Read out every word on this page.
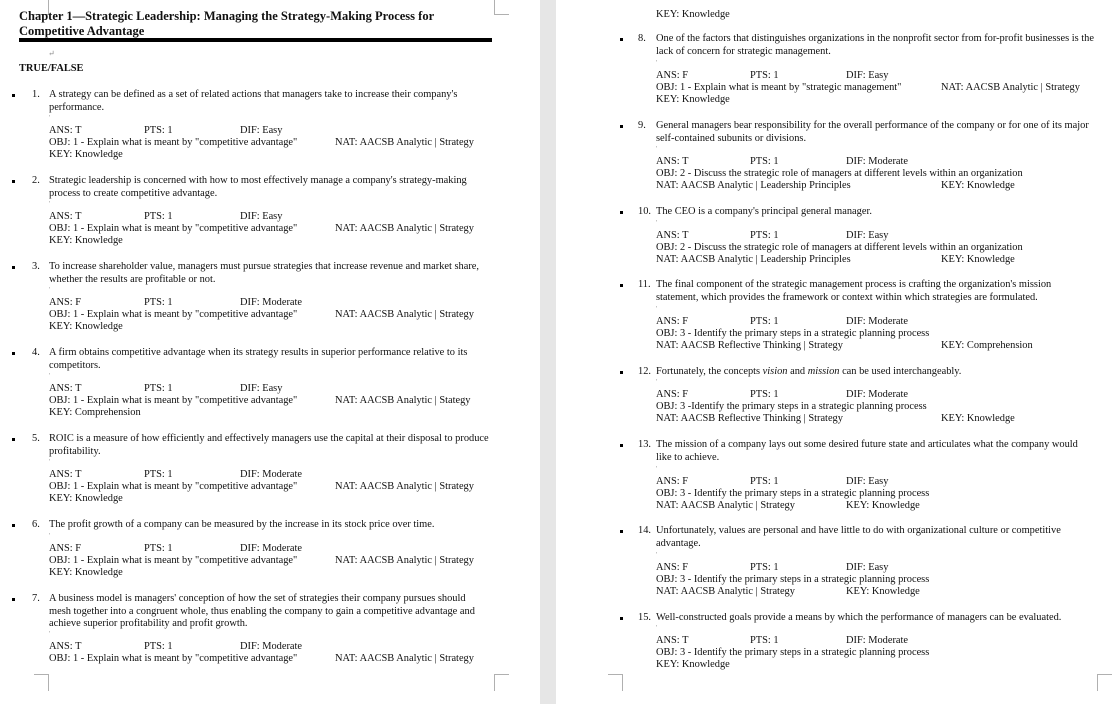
Chapter 1—Strategic Leadership: Managing the Strategy-Making Process for
Competitive Advantage
↵
TRUE/FALSE
1. A strategy can be defined as a set of related actions that managers take to increase their company's performance.
'
ANS: T	PTS: 1	DIF: Easy
OBJ: 1 - Explain what is meant by "competitive advantage"	NAT: AACSB Analytic | Strategy
KEY: Knowledge
2. Strategic leadership is concerned with how to most effectively manage a company's strategy-making process to create competitive advantage.
'
ANS: T	PTS: 1	DIF: Easy
OBJ: 1 - Explain what is meant by "competitive advantage"	NAT: AACSB Analytic | Strategy
KEY: Knowledge
3. To increase shareholder value, managers must pursue strategies that increase revenue and market share, whether the results are profitable or not.
'
ANS: F	PTS: 1	DIF: Moderate
OBJ: 1 - Explain what is meant by "competitive advantage"	NAT: AACSB Analytic | Strategy
KEY: Knowledge
4. A firm obtains competitive advantage when its strategy results in superior performance relative to its competitors.
'
ANS: T	PTS: 1	DIF: Easy
OBJ: 1 - Explain what is meant by "competitive advantage"	NAT: AACSB Analytic | Stategy
KEY: Comprehension
5. ROIC is a measure of how efficiently and effectively managers use the capital at their disposal to produce profitability.
'
ANS: T	PTS: 1	DIF: Moderate
OBJ: 1 - Explain what is meant by "competitive advantage"	NAT: AACSB Analytic | Strategy
KEY: Knowledge
6. The profit growth of a company can be measured by the increase in its stock price over time.
'
ANS: F	PTS: 1	DIF: Moderate
OBJ: 1 - Explain what is meant by "competitive advantage"	NAT: AACSB Analytic | Strategy
KEY: Knowledge
7. A business model is managers' conception of how the set of strategies their company pursues should mesh together into a congruent whole, thus enabling the company to gain a competitive advantage and achieve superior profitability and profit growth.
'
ANS: T	PTS: 1	DIF: Moderate
OBJ: 1 - Explain what is meant by "competitive advantage"	NAT: AACSB Analytic | Strategy
KEY: Knowledge
8. One of the factors that distinguishes organizations in the nonprofit sector from for-profit businesses is the lack of concern for strategic management.
'
ANS: F	PTS: 1	DIF: Easy
OBJ: 1 - Explain what is meant by "strategic management"	NAT: AACSB Analytic | Strategy
KEY: Knowledge
9. General managers bear responsibility for the overall performance of the company or for one of its major self-contained subunits or divisions.
'
ANS: T	PTS: 1	DIF: Moderate
OBJ: 2 - Discuss the strategic role of managers at different levels within an organization
NAT: AACSB Analytic | Leadership Principles	KEY: Knowledge
10. The CEO is a company's principal general manager.
'
ANS: T	PTS: 1	DIF: Easy
OBJ: 2 - Discuss the strategic role of managers at different levels within an organization
NAT: AACSB Analytic | Leadership Principles	KEY: Knowledge
11. The final component of the strategic management process is crafting the organization's mission statement, which provides the framework or context within which strategies are formulated.
'
ANS: F	PTS: 1	DIF: Moderate
OBJ: 3 - Identify the primary steps in a strategic planning process
NAT: AACSB Reflective Thinking | Strategy	KEY: Comprehension
12. Fortunately, the concepts vision and mission can be used interchangeably.
'
ANS: F	PTS: 1	DIF: Moderate
OBJ: 3 -Identify the primary steps in a strategic planning process
NAT: AACSB Reflective Thinking | Strategy	KEY: Knowledge
13. The mission of a company lays out some desired future state and articulates what the company would like to achieve.
'
ANS: F	PTS: 1	DIF: Easy
OBJ: 3 - Identify the primary steps in a strategic planning process
NAT: AACSB Analytic | Strategy	KEY: Knowledge
14. Unfortunately, values are personal and have little to do with organizational culture or competitive advantage.
'
ANS: F	PTS: 1	DIF: Easy
OBJ: 3 - Identify the primary steps in a strategic planning process
NAT: AACSB Analytic | Strategy	KEY: Knowledge
15. Well-constructed goals provide a means by which the performance of managers can be evaluated.
'
ANS: T	PTS: 1	DIF: Moderate
OBJ: 3 - Identify the primary steps in a strategic planning process
KEY: Knowledge
